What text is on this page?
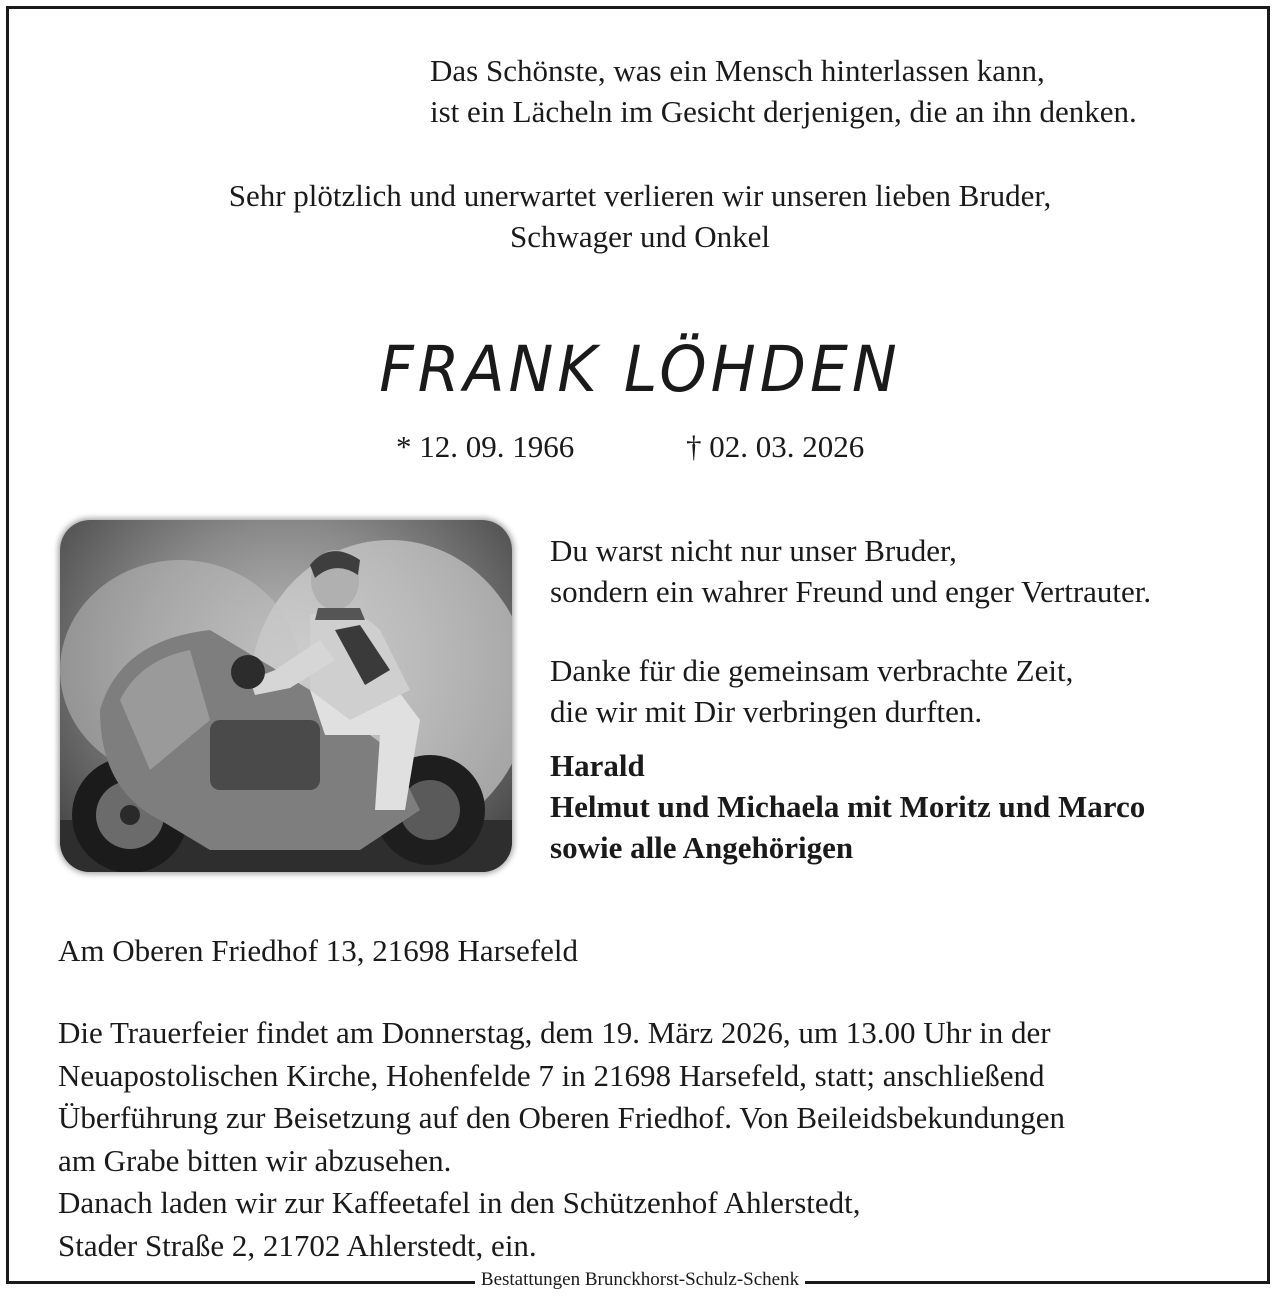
Das Schönste, was ein Mensch hinterlassen kann,
ist ein Lächeln im Gesicht derjenigen, die an ihn denken.
Sehr plötzlich und unerwartet verlieren wir unseren lieben Bruder,
Schwager und Onkel
FRANK LÖHDEN
* 12. 09. 1966	† 02. 03. 2026
Du warst nicht nur unser Bruder,
sondern ein wahrer Freund und enger Vertrauter.
Danke für die gemeinsam verbrachte Zeit,
die wir mit Dir verbringen durften.
Harald
Helmut und Michaela mit Moritz und Marco
sowie alle Angehörigen
Am Oberen Friedhof 13, 21698 Harsefeld
Die Trauerfeier findet am Donnerstag, dem 19. März 2026, um 13.00 Uhr in der
Neuapostolischen Kirche, Hohenfelde 7 in 21698 Harsefeld, statt; anschließend
Überführung zur Beisetzung auf den Oberen Friedhof. Von Beileidsbekundungen
am Grabe bitten wir abzusehen.
Danach laden wir zur Kaffeetafel in den Schützenhof Ahlerstedt,
Stader Straße 2, 21702 Ahlerstedt, ein.
Bestattungen Brunckhorst-Schulz-Schenk
